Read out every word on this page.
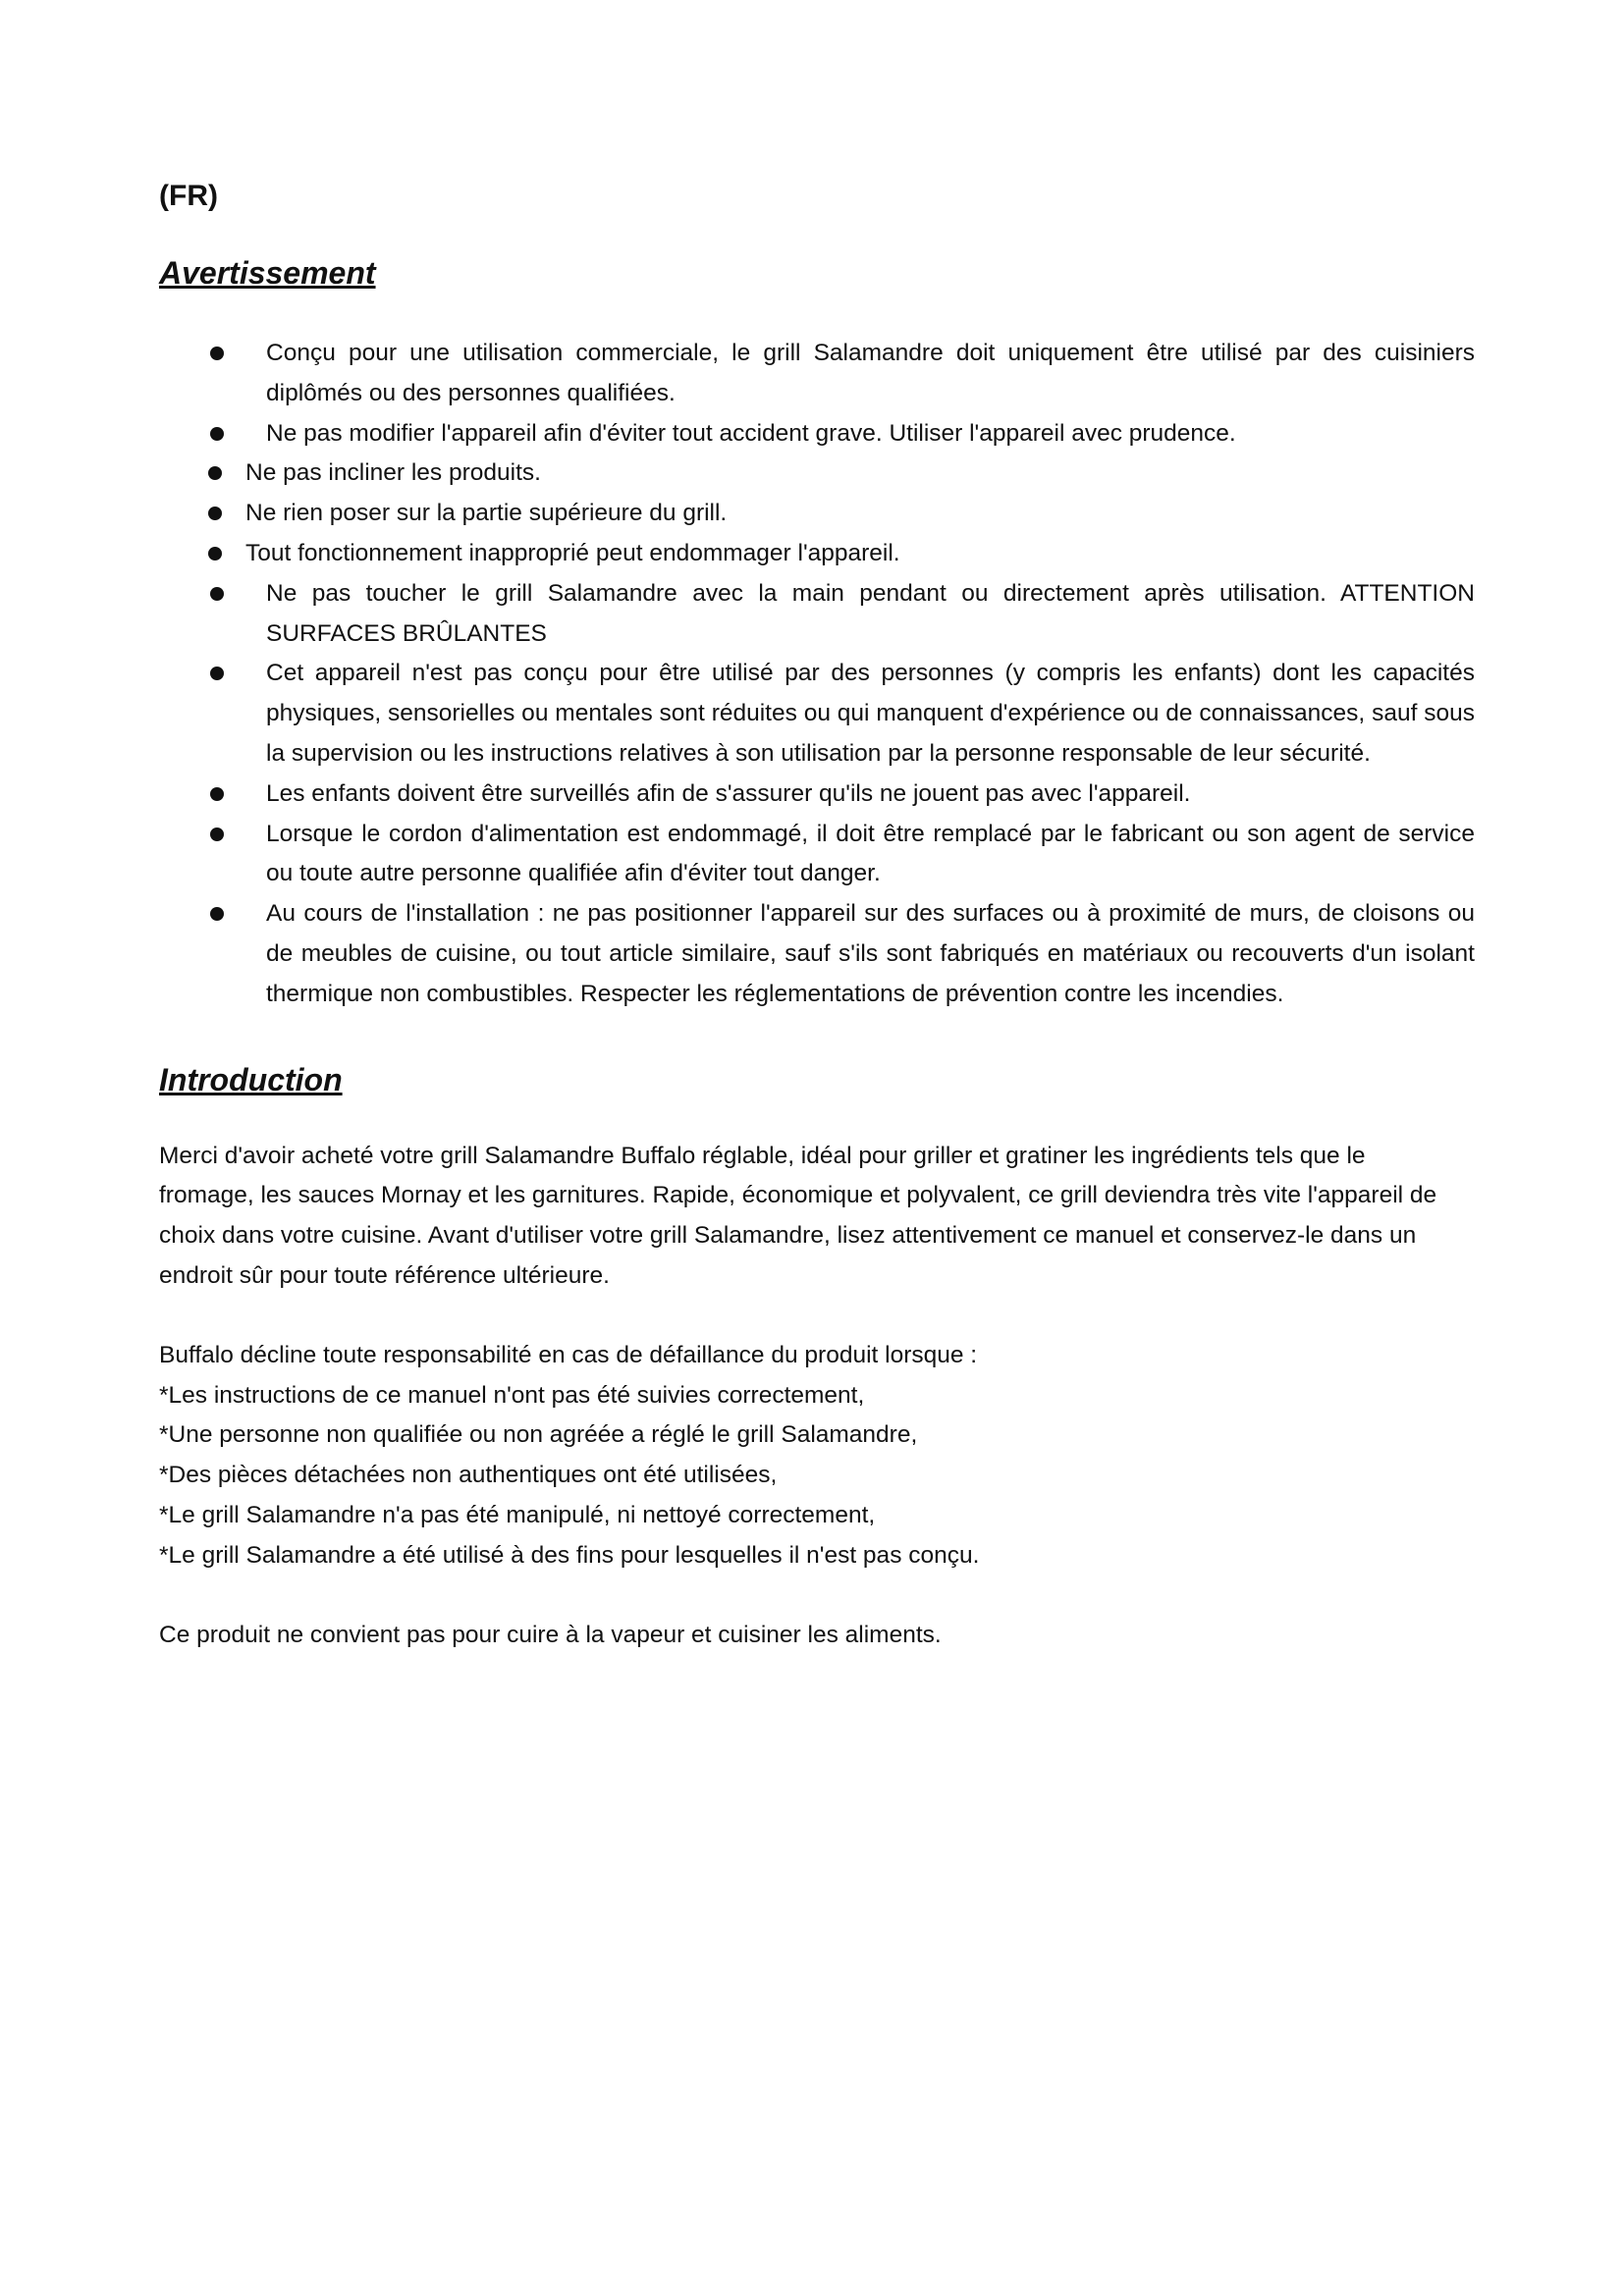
(FR)
Avertissement
Conçu pour une utilisation commerciale, le grill Salamandre doit uniquement être utilisé par des cuisiniers diplômés ou des personnes qualifiées.
Ne pas modifier l'appareil afin d'éviter tout accident grave. Utiliser l'appareil avec prudence.
Ne pas incliner les produits.
Ne rien poser sur la partie supérieure du grill.
Tout fonctionnement inapproprié peut endommager l'appareil.
Ne pas toucher le grill Salamandre avec la main pendant ou directement après utilisation. ATTENTION SURFACES BRÛLANTES
Cet appareil n'est pas conçu pour être utilisé par des personnes (y compris les enfants) dont les capacités physiques, sensorielles ou mentales sont réduites ou qui manquent d'expérience ou de connaissances, sauf sous la supervision ou les instructions relatives à son utilisation par la personne responsable de leur sécurité.
Les enfants doivent être surveillés afin de s'assurer qu'ils ne jouent pas avec l'appareil.
Lorsque le cordon d'alimentation est endommagé, il doit être remplacé par le fabricant ou son agent de service ou toute autre personne qualifiée afin d'éviter tout danger.
Au cours de l'installation : ne pas positionner l'appareil sur des surfaces ou à proximité de murs, de cloisons ou de meubles de cuisine, ou tout article similaire, sauf s'ils sont fabriqués en matériaux ou recouverts d'un isolant thermique non combustibles. Respecter les réglementations de prévention contre les incendies.
Introduction

Merci d'avoir acheté votre grill Salamandre Buffalo réglable, idéal pour griller et gratiner les ingrédients tels que le fromage, les sauces Mornay et les garnitures. Rapide, économique et polyvalent, ce grill deviendra très vite l'appareil de choix dans votre cuisine. Avant d'utiliser votre grill Salamandre, lisez attentivement ce manuel et conservez-le dans un endroit sûr pour toute référence ultérieure.

Buffalo décline toute responsabilité en cas de défaillance du produit lorsque :

*Les instructions de ce manuel n'ont pas été suivies correctement,
*Une personne non qualifiée ou non agréée a réglé le grill Salamandre,
*Des pièces détachées non authentiques ont été utilisées,
*Le grill Salamandre n'a pas été manipulé, ni nettoyé correctement,
*Le grill Salamandre a été utilisé à des fins pour lesquelles il n'est pas conçu.

Ce produit ne convient pas pour cuire à la vapeur et cuisiner les aliments.
